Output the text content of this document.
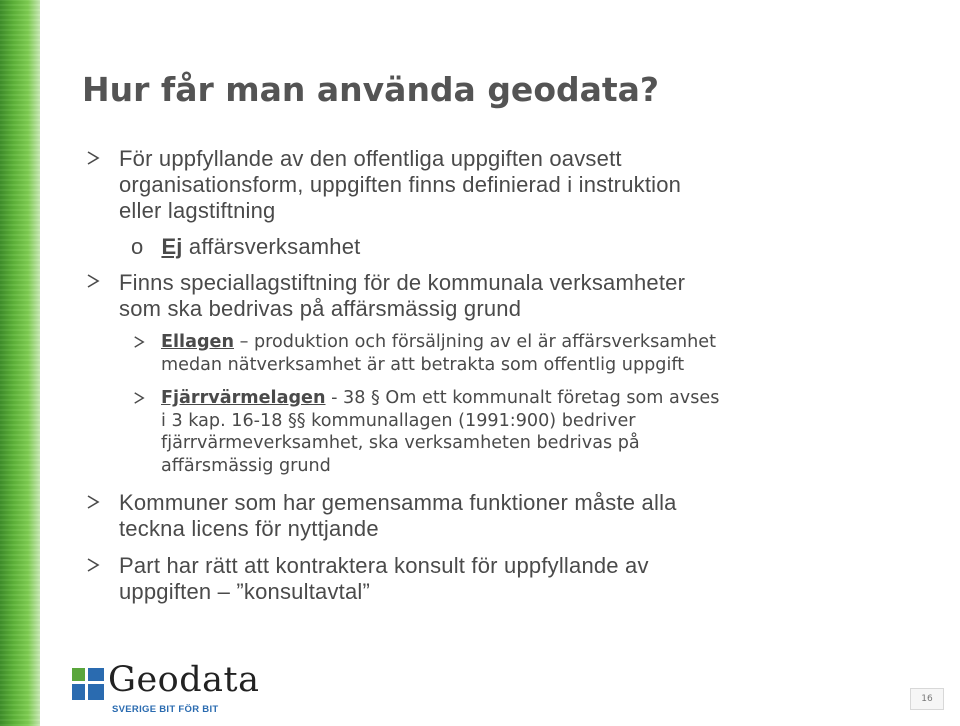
Hur får man använda geodata?
För uppfyllande av den offentliga uppgiften oavsett
organisationsform, uppgiften finns definierad i instruktion
eller lagstiftning
o Ej affärsverksamhet
Finns speciallagstiftning för de kommunala verksamheter
som ska bedrivas på affärsmässig grund
Ellagen – produktion och försäljning av el är affärsverksamhet
medan nätverksamhet är att betrakta som offentlig uppgift
Fjärrvärmelagen - 38 § Om ett kommunalt företag som avses
i 3 kap. 16-18 §§ kommunallagen (1991:900) bedriver
fjärrvärmeverksamhet, ska verksamheten bedrivas på
affärsmässig grund
Kommuner som har gemensamma funktioner måste alla
teckna licens för nyttjande
Part har rätt att kontraktera konsult för uppfyllande av
uppgiften – ”konsultavtal”
Geodata
SVERIGE BIT FÖR BIT
16
